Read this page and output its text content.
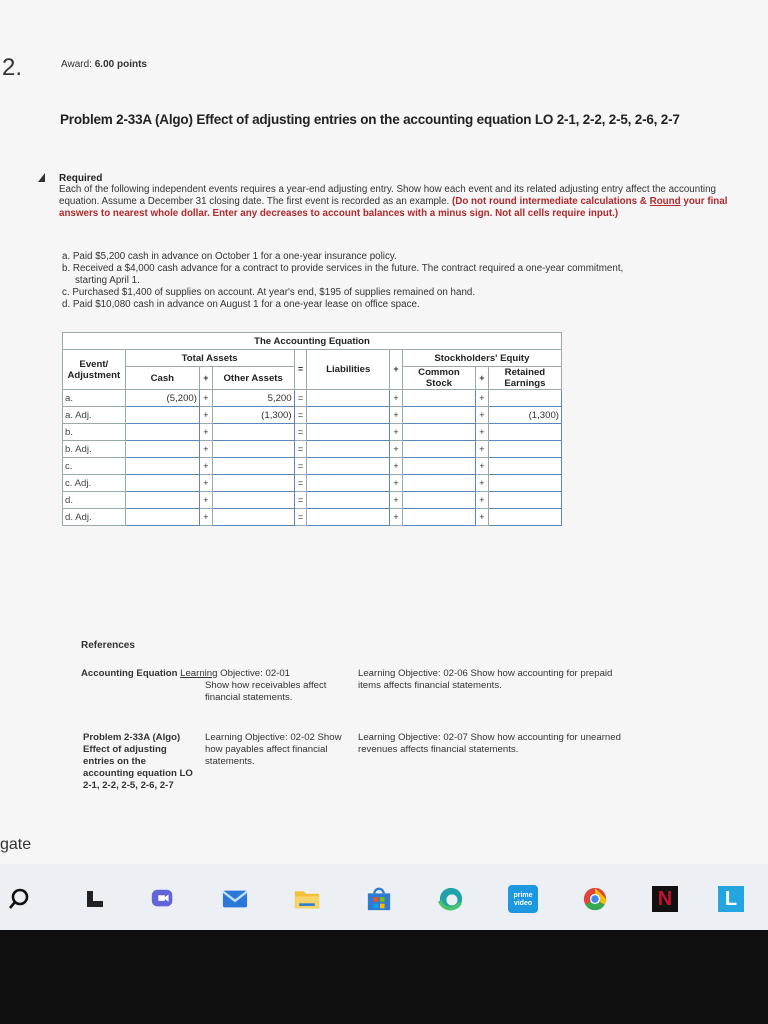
2.	Award: 6.00 points
Problem 2-33A (Algo) Effect of adjusting entries on the accounting equation LO 2-1, 2-2, 2-5, 2-6, 2-7
Required
Each of the following independent events requires a year-end adjusting entry. Show how each event and its related adjusting entry affect the accounting equation. Assume a December 31 closing date. The first event is recorded as an example. (Do not round intermediate calculations & Round your final answers to nearest whole dollar. Enter any decreases to account balances with a minus sign. Not all cells require input.)
a. Paid $5,200 cash in advance on October 1 for a one-year insurance policy.
b. Received a $4,000 cash advance for a contract to provide services in the future. The contract required a one-year commitment,
starting April 1.
c. Purchased $1,400 of supplies on account. At year's end, $195 of supplies remained on hand.
d. Paid $10,080 cash in advance on August 1 for a one-year lease on office space.
The Accounting Equation									
Event/ Adjustment	Total Assets			=	Liabilities	+	Stockholders' Equity		
	Cash	+	Other Assets				Common Stock	+	Retained Earnings
a.	(5,200)	+	5,200	=		+		+	
a. Adj.		+	(1,300)	=		+		+	(1,300)
b.		+		=		+		+	
b. Adj.		+		=		+		+	
c.		+		=		+		+	
c. Adj.		+		=		+		+	
d.		+		=		+		+	
d. Adj.		+		=		+		+	
References
Accounting Equation Learning Objective: 02-01
Show how receivables affect financial statements.
Learning Objective: 02-06 Show how accounting for prepaid items affects financial statements.
Problem 2-33A (Algo) Effect of adjusting entries on the accounting equation LO 2-1, 2-2, 2-5, 2-6, 2-7
Learning Objective: 02-02 Show how payables affect financial statements.
Learning Objective: 02-07 Show how accounting for unearned revenues affects financial statements.
gate
prime
video	N	L
